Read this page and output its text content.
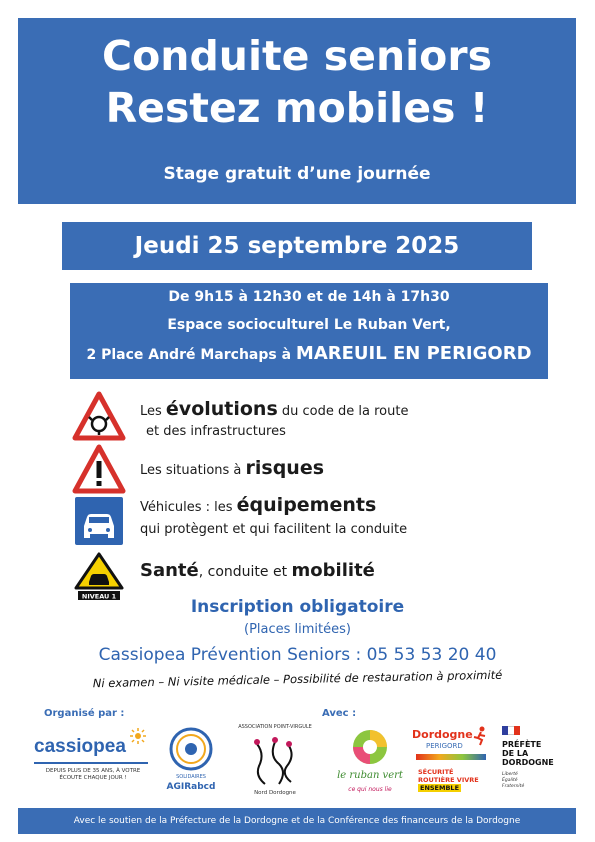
Conduite seniors
Restez mobiles !
Stage gratuit d’une journée
Jeudi 25 septembre 2025
De 9h15 à 12h30 et de 14h à 17h30
Espace socioculturel Le Ruban Vert,
2 Place André Marchaps à MAREUIL EN PERIGORD
Les évolutions du code de la route
et des infrastructures
Les situations à risques
Véhicules : les équipements
qui protègent et qui facilitent la conduite
NIVEAU 1
Santé, conduite et mobilité
Inscription obligatoire
(Places limitées)
Cassiopea Prévention Seniors : 05 53 53 20 40
Ni examen – Ni visite médicale – Possibilité de restauration à proximité
Organisé par :	Avec :
cassiopea
DEPUIS PLUS DE 35 ANS, À VOTRE ÉCOUTE CHAQUE JOUR !	SOLIDAIRES
AGIRabcd
ASSOCIATION POINT-VIRGULE
Nord Dordogne
le ruban vert
ce qui nous lie
Dordogne
PERIGORD
SÉCURITÉ
ROUTIÈRE VIVRE
ENSEMBLE
PRÉFÈTE
DE LA
DORDOGNE
Liberté Égalité Fraternité
Avec le soutien de la Préfecture de la Dordogne et de la Conférence des financeurs de la Dordogne
